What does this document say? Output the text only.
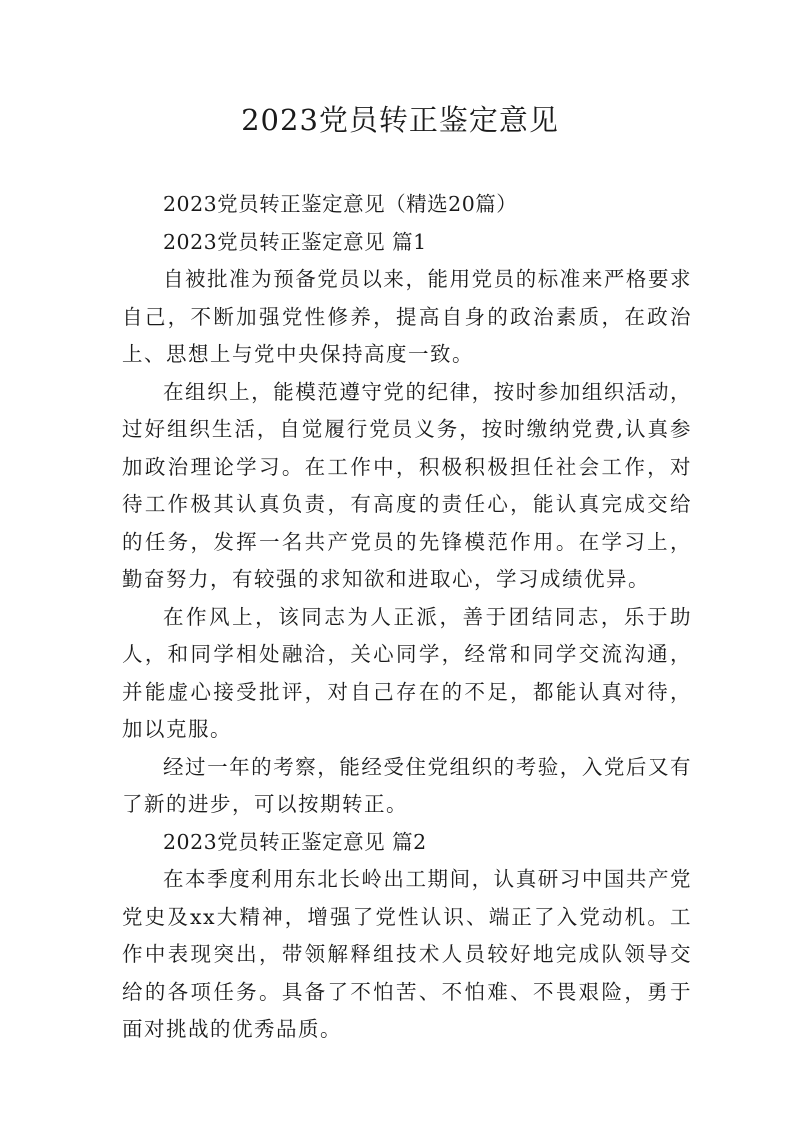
2023党员转正鉴定意见

2023党员转正鉴定意见（精选20篇）

2023党员转正鉴定意见 篇1

自被批准为预备党员以来，能用党员的标准来严格要求自己，不断加强党性修养，提高自身的政治素质，在政治上、思想上与党中央保持高度一致。

在组织上，能模范遵守党的纪律，按时参加组织活动，过好组织生活，自觉履行党员义务，按时缴纳党费,认真参加政治理论学习。在工作中，积极积极担任社会工作，对待工作极其认真负责，有高度的责任心，能认真完成交给的任务，发挥一名共产党员的先锋模范作用。在学习上，勤奋努力，有较强的求知欲和进取心，学习成绩优异。

在作风上，该同志为人正派，善于团结同志，乐于助人，和同学相处融洽，关心同学，经常和同学交流沟通，并能虚心接受批评，对自己存在的不足，都能认真对待，加以克服。

经过一年的考察，能经受住党组织的考验，入党后又有了新的进步，可以按期转正。

2023党员转正鉴定意见 篇2

在本季度利用东北长岭出工期间，认真研习中国共产党党史及xx大精神，增强了党性认识、端正了入党动机。工作中表现突出，带领解释组技术人员较好地完成队领导交给的各项任务。具备了不怕苦、不怕难、不畏艰险，勇于面对挑战的优秀品质。
